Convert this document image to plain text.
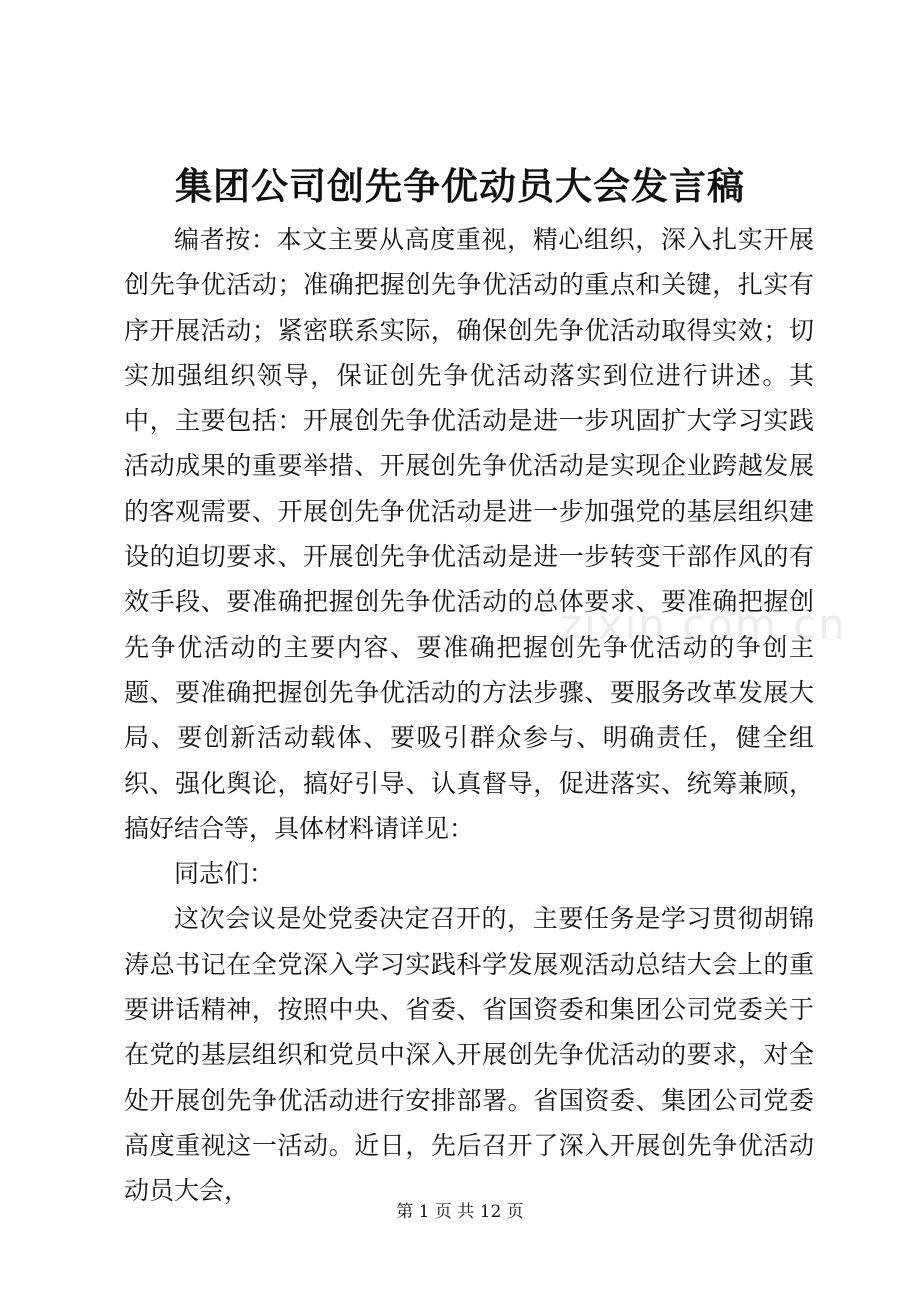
集团公司创先争优动员大会发言稿

编者按：本文主要从高度重视，精心组织，深入扎实开展创先争优活动；准确把握创先争优活动的重点和关键，扎实有序开展活动；紧密联系实际，确保创先争优活动取得实效；切实加强组织领导，保证创先争优活动落实到位进行讲述。其中，主要包括：开展创先争优活动是进一步巩固扩大学习实践活动成果的重要举措、开展创先争优活动是实现企业跨越发展的客观需要、开展创先争优活动是进一步加强党的基层组织建设的迫切要求、开展创先争优活动是进一步转变干部作风的有效手段、要准确把握创先争优活动的总体要求、要准确把握创先争优活动的主要内容、要准确把握创先争优活动的争创主题、要准确把握创先争优活动的方法步骤、要服务改革发展大局、要创新活动载体、要吸引群众参与、明确责任，健全组织、强化舆论，搞好引导、认真督导，促进落实、统筹兼顾，搞好结合等，具体材料请详见：

同志们：

这次会议是处党委决定召开的，主要任务是学习贯彻胡锦涛总书记在全党深入学习实践科学发展观活动总结大会上的重要讲话精神，按照中央、省委、省国资委和集团公司党委关于在党的基层组织和党员中深入开展创先争优活动的要求，对全处开展创先争优活动进行安排部署。省国资委、集团公司党委高度重视这一活动。近日，先后召开了深入开展创先争优活动动员大会，

zixin.com.cn
第 1 页 共 12 页
